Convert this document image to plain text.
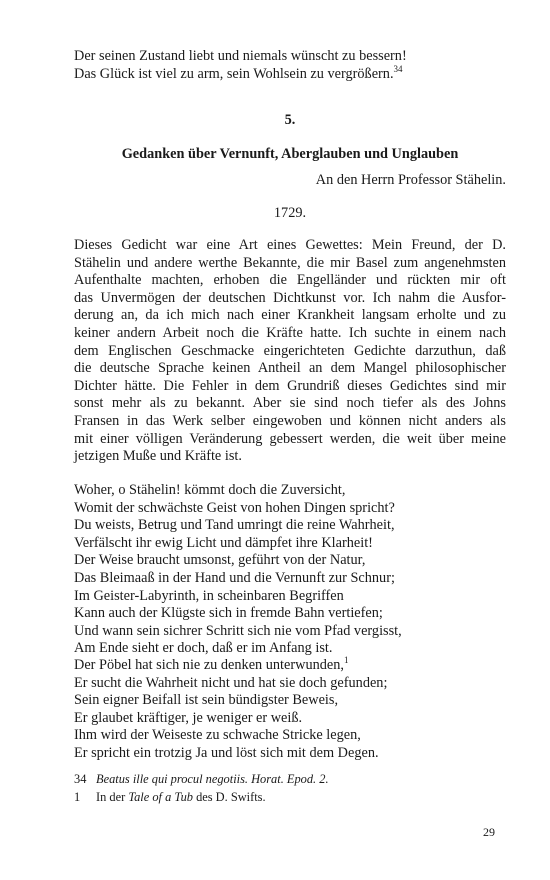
Der seinen Zustand liebt und niemals wünscht zu bessern!
Das Glück ist viel zu arm, sein Wohlsein zu vergrößern.$^{34}$
5.
Gedanken über Vernunft, Aberglauben und Unglauben
An den Herrn Professor Stähelin.
1729.
Dieses Gedicht war eine Art eines Gewettes: Mein Freund, der D.
Stähelin und andere werthe Bekannte, die mir Basel zum angenehmsten
Aufenthalte machten, erhoben die Engelländer und rückten mir oft
das Unvermögen der deutschen Dichtkunst vor. Ich nahm die Ausfor-
derung an, da ich mich nach einer Krankheit langsam erholte und zu
keiner andern Arbeit noch die Kräfte hatte. Ich suchte in einem nach
dem Englischen Geschmacke eingerichteten Gedichte darzuthun, daß
die deutsche Sprache keinen Antheil an dem Mangel philosophischer
Dichter hätte. Die Fehler in dem Grundriß dieses Gedichtes sind mir
sonst mehr als zu bekannt. Aber sie sind noch tiefer als des Johns
Fransen in das Werk selber eingewoben und können nicht anders als
mit einer völligen Veränderung gebessert werden, die weit über meine
jetzigen Muße und Kräfte ist.
Woher, o Stähelin! kömmt doch die Zuversicht,
Womit der schwächste Geist von hohen Dingen spricht?
Du weists, Betrug und Tand umringt die reine Wahrheit,
Verfälscht ihr ewig Licht und dämpfet ihre Klarheit!
Der Weise braucht umsonst, geführt von der Natur,
Das Bleimaaß in der Hand und die Vernunft zur Schnur;
Im Geister-Labyrinth, in scheinbaren Begriffen
Kann auch der Klügste sich in fremde Bahn vertiefen;
Und wann sein sichrer Schritt sich nie vom Pfad vergisst,
Am Ende sieht er doch, daß er im Anfang ist.
Der Pöbel hat sich nie zu denken unterwunden,$^1$
Er sucht die Wahrheit nicht und hat sie doch gefunden;
Sein eigner Beifall ist sein bündigster Beweis,
Er glaubet kräftiger, je weniger er weiß.
Ihm wird der Weiseste zu schwache Stricke legen,
Er spricht ein trotzig Ja und löst sich mit dem Degen.
34 Beatus ille qui procul negotiis. Horat. Epod. 2.
1 In der Tale of a Tub des D. Swifts.
29
